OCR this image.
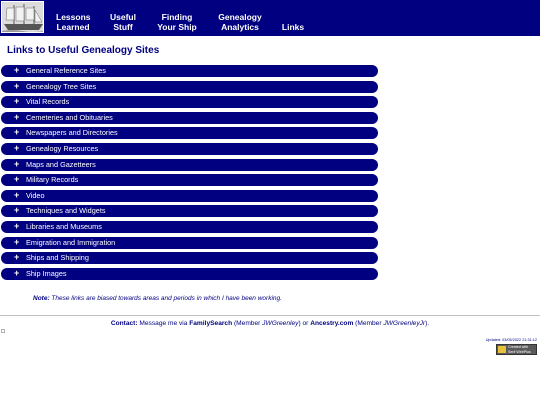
Lessons
Learned
Useful
Stuff
Finding
Your Ship
Genealogy
Analytics	Links
Links to Useful Genealogy Sites
+ General Reference Sites
+ Genealogy Tree Sites
+ Vital Records
+ Cemeteries and Obituaries
+ Newspapers and Directories
+ Genealogy Resources
+ Maps and Gazetteers
+ Military Records
+ Video
+ Techniques and Widgets
+ Libraries and Museums
+ Emigration and Immigration
+ Ships and Shipping
+ Ship Images
Note: These links are biased towards areas and periods in which I have been working.
Contact: Message me via FamilySearch (Member JWGreenley) or Ancestry.com (Member JWGreenleyJr).
Updated: 03/05/2022 21:31:12
Created with
Serif WebPlus
